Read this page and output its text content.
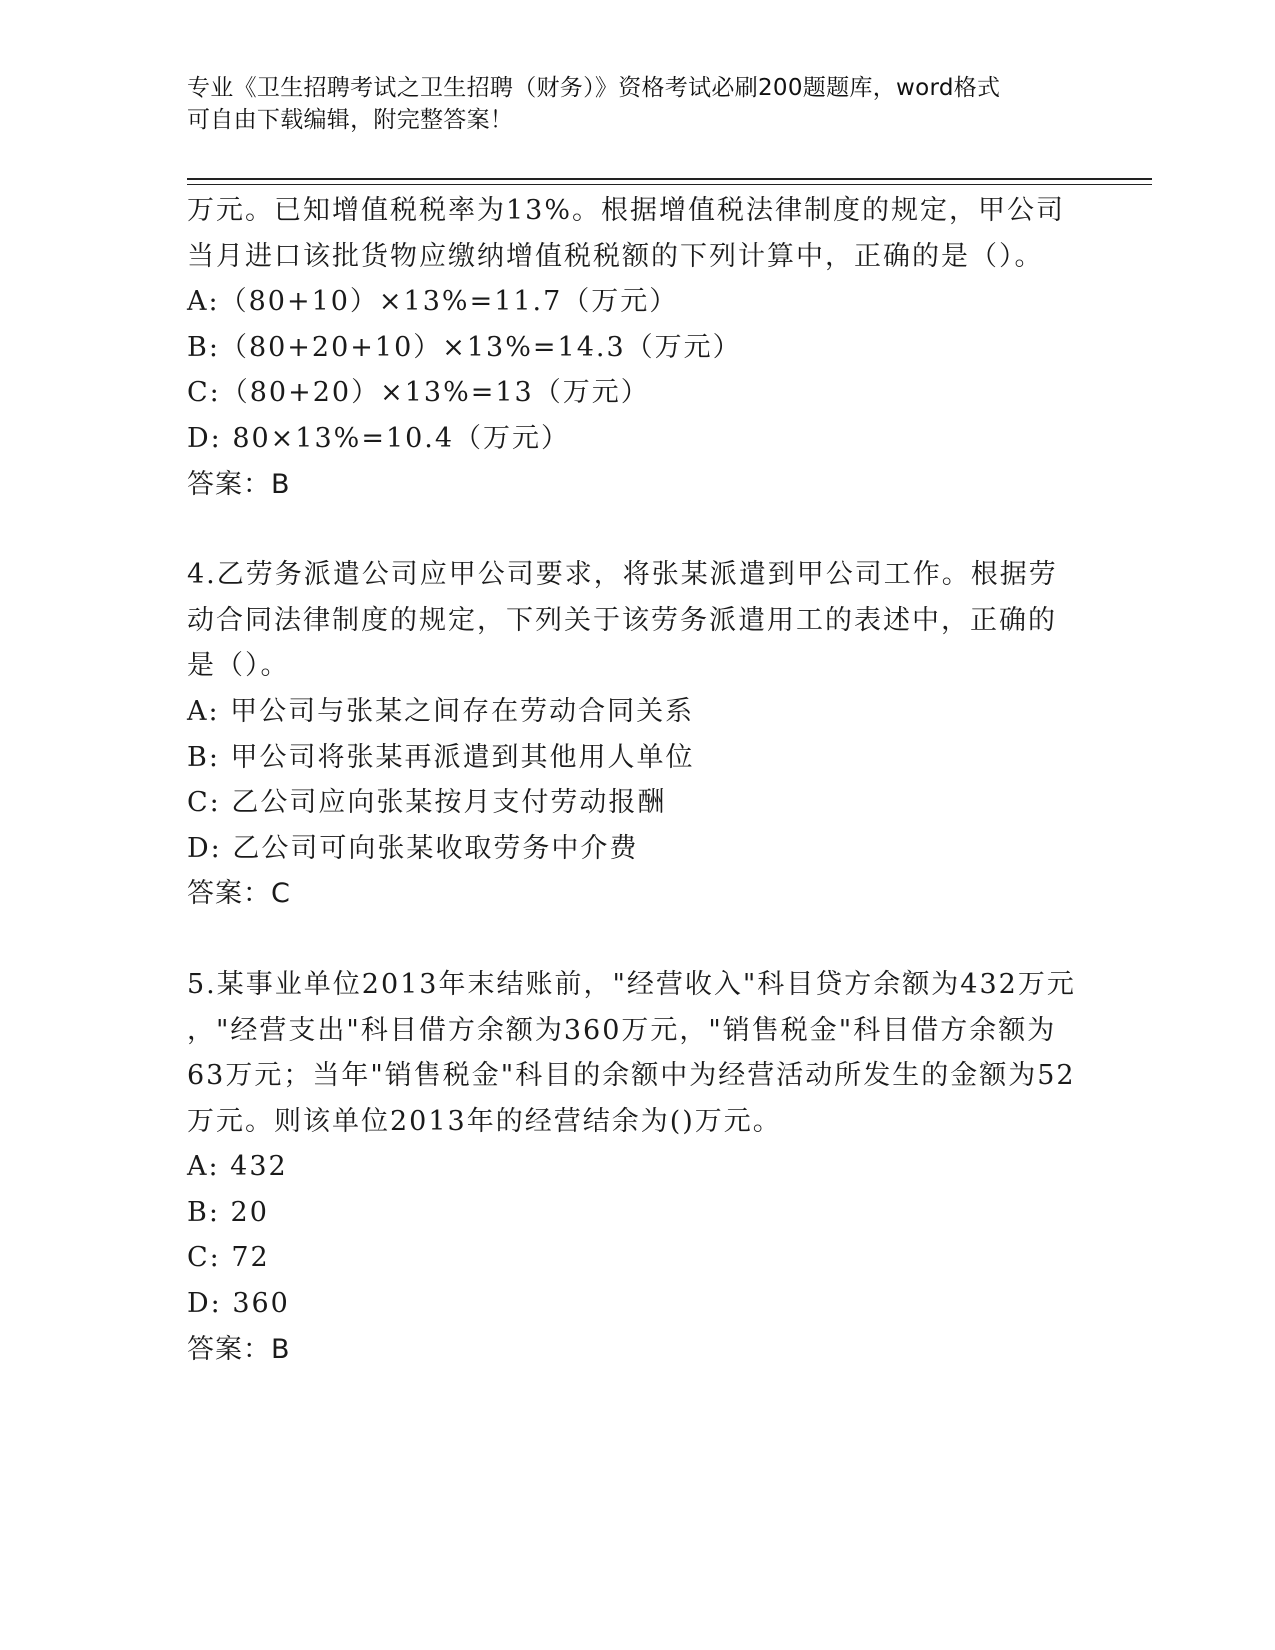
专业《卫生招聘考试之卫生招聘（财务）》资格考试必刷200题题库，word格式
可自由下载编辑，附完整答案！
万元。已知增值税税率为13%。根据增值税法律制度的规定，甲公司
当月进口该批货物应缴纳增值税税额的下列计算中，正确的是（）。
A:（80+10）×13%=11.7（万元）
B:（80+20+10）×13%=14.3（万元）
C:（80+20）×13%=13（万元）
D: 80×13%=10.4（万元）
答案：B
4.乙劳务派遣公司应甲公司要求，将张某派遣到甲公司工作。根据劳
动合同法律制度的规定，下列关于该劳务派遣用工的表述中，正确的
是（）。
A: 甲公司与张某之间存在劳动合同关系
B: 甲公司将张某再派遣到其他用人单位
C: 乙公司应向张某按月支付劳动报酬
D: 乙公司可向张某收取劳务中介费
答案：C
5.某事业单位2013年末结账前，"经营收入"科目贷方余额为432万元
，"经营支出"科目借方余额为360万元，"销售税金"科目借方余额为
63万元；当年"销售税金"科目的余额中为经营活动所发生的金额为52
万元。则该单位2013年的经营结余为()万元。
A: 432
B: 20
C: 72
D: 360
答案：B
